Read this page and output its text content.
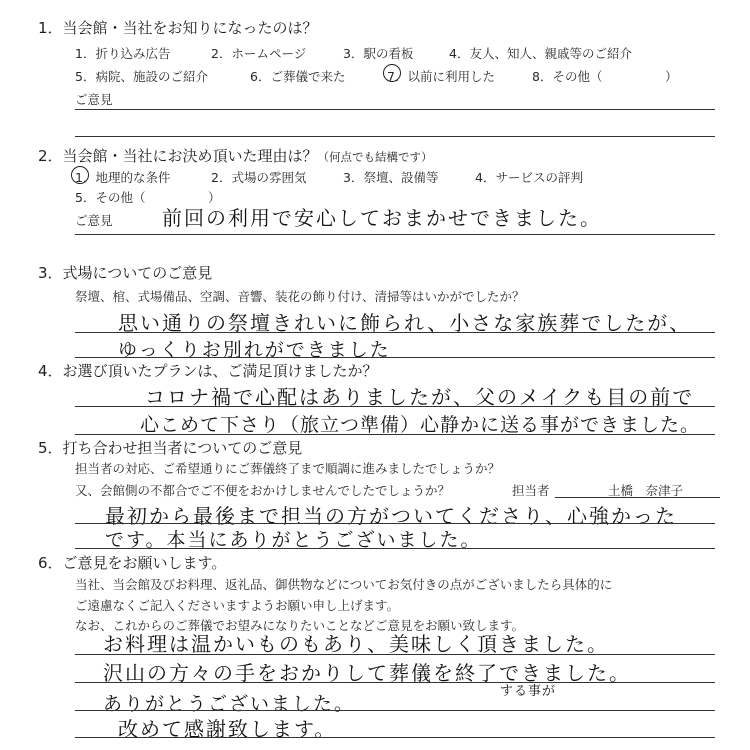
1．当会館・当社をお知りになったのは？
1．折り込み広告	2．ホームページ	3．駅の看板	4．友人、知人、親戚等のご紹介
5．病院、施設のご紹介	6．ご葬儀で来た	7．以前に利用した	8．その他（　　　　　）
ご意見
2．当会館・当社にお決め頂いた理由は？（何点でも結構です）
1．地理的な条件	2．式場の雰囲気	3．祭壇、設備等	4．サービスの評判
5．その他（　　　　　）
ご意見 前回の利用で安心しておまかせできました。
3．式場についてのご意見
祭壇、棺、式場備品、空調、音響、装花の飾り付け、清掃等はいかがでしたか？
思い通りの祭壇きれいに飾られ、小さな家族葬でしたが、
ゆっくりお別れができました
4．お選び頂いたプランは、ご満足頂けましたか？
コロナ禍で心配はありましたが、父のメイクも目の前で
心こめて下さり（旅立つ準備）心静かに送る事ができました。
5．打ち合わせ担当者についてのご意見
担当者の対応、ご希望通りにご葬儀終了まで順調に進みましたでしょうか？
又、会館側の不都合でご不便をおかけしませんでしたでしょうか？	担当者	土橋　奈津子
最初から最後まで担当の方がついてくださり、心強かった
です。本当にありがとうございました。
6．ご意見をお願いします。
当社、当会館及びお料理、返礼品、御供物などについてお気付きの点がございましたら具体的に
ご遠慮なくご記入くださいますようお願い申し上げます。
なお、これからのご葬儀でお望みになりたいことなどご意見をお願い致します。
お料理は温かいものもあり、美味しく頂きました。
沢山の方々の手をおかりして葬儀を終了できました。
する事が
ありがとうございました。
改めて感謝致します。
